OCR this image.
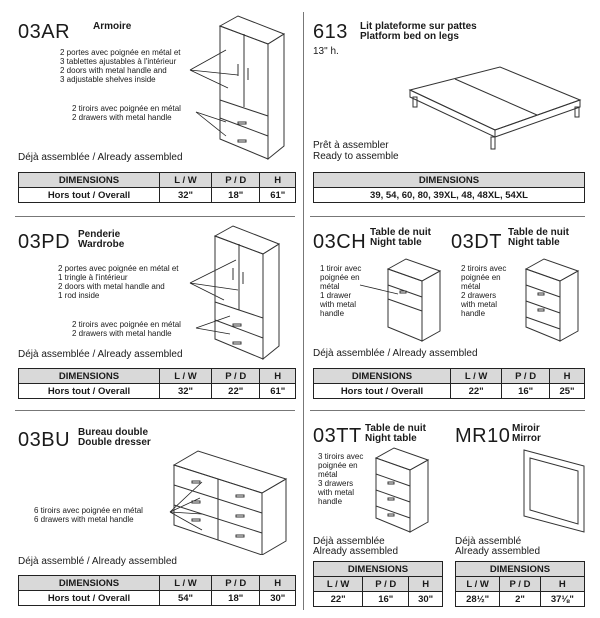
03AR Armoire
2 portes avec poignée en métal et
3 tablettes ajustables à l'intérieur
2 doors with metal handle and
3 adjustable shelves inside
2 tiroirs avec poignée en métal
2 drawers with metal handle
Déjà assemblée / Already assembled
DIMENSIONS	L / W	P / D	H
Hors tout / Overall	32"	18"	61"
613 Lit plateforme sur pattes
Platform bed on legs
13" h.
Prêt à assembler
Ready to assemble
DIMENSIONS
39, 54, 60, 80, 39XL, 48, 48XL, 54XL
03PD Penderie
Wardrobe
2 portes avec poignée en métal et
1 tringle à l'intérieur
2 doors with metal handle and
1 rod inside
2 tiroirs avec poignée en métal
2 drawers with metal handle
Déjà assemblée / Already assembled
DIMENSIONS	L / W	P / D	H
Hors tout / Overall	32"	22"	61"
03CH Table de nuit
Night table 03DT Table de nuit
Night table
1 tiroir avec
poignée en
métal
1 drawer
with metal
handle
2 tiroirs avec
poignée en
métal
2 drawers
with metal
handle
Déjà assemblée / Already assembled
DIMENSIONS	L / W	P / D	H
Hors tout / Overall	22"	16"	25"
03BU Bureau double
Double dresser
6 tiroirs avec poignée en métal
6 drawers with metal handle
Déjà assemblé / Already assembled
DIMENSIONS	L / W	P / D	H
Hors tout / Overall	54"	18"	30"
03TT Table de nuit
Night table
3 tiroirs avec
poignée en
métal
3 drawers
with metal
handle
Déjà assemblée
Already assembled
DIMENSIONS		
L / W	P / D	H
22"	16"	30"
MR10 Miroir
Mirror
Déjà assemblé
Already assembled
DIMENSIONS		
L / W	P / D	H
28½"	2"	37⅛"
